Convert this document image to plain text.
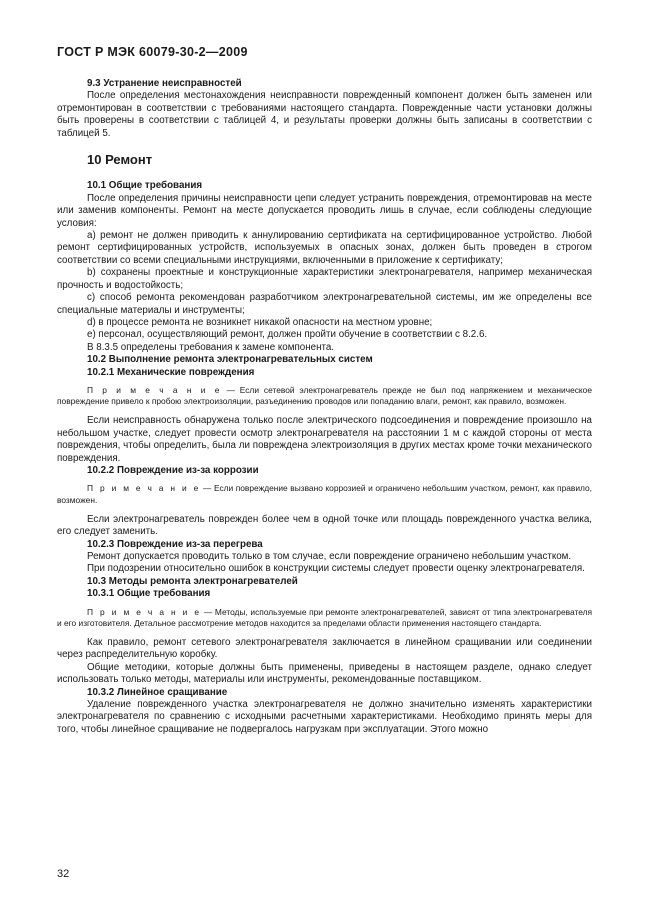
ГОСТ Р МЭК 60079-30-2—2009

9.3 Устранение неисправностей

После определения местонахождения неисправности поврежденный компонент должен быть заменен или отремонтирован в соответствии с требованиями настоящего стандарта. Поврежденные части установки должны быть проверены в соответствии с таблицей 4, и результаты проверки должны быть записаны в соответствии с таблицей 5.

10 Ремонт

10.1 Общие требования

После определения причины неисправности цепи следует устранить повреждения, отремонтировав на месте или заменив компоненты. Ремонт на месте допускается проводить лишь в случае, если соблюдены следующие условия:

a) ремонт не должен приводить к аннулированию сертификата на сертифицированное устройство. Любой ремонт сертифицированных устройств, используемых в опасных зонах, должен быть проведен в строгом соответствии со всеми специальными инструкциями, включенными в приложение к сертификату;

b) сохранены проектные и конструкционные характеристики электронагревателя, например механическая прочность и водостойкость;

c) способ ремонта рекомендован разработчиком электронагревательной системы, им же определены все специальные материалы и инструменты;

d) в процессе ремонта не возникнет никакой опасности на местном уровне;

e) персонал, осуществляющий ремонт, должен пройти обучение в соответствии с 8.2.6.

В 8.3.5 определены требования к замене компонента.

10.2 Выполнение ремонта электронагревательных систем

10.2.1 Механические повреждения

П р и м е ч а н и е — Если сетевой электронагреватель прежде не был под напряжением и механическое повреждение привело к пробою электроизоляции, разъединению проводов или попаданию влаги, ремонт, как правило, возможен.

Если неисправность обнаружена только после электрического подсоединения и повреждение произошло на небольшом участке, следует провести осмотр электронагревателя на расстоянии 1 м с каждой стороны от места повреждения, чтобы определить, была ли повреждена электроизоляция в других местах кроме точки механического повреждения.

10.2.2 Повреждение из-за коррозии

П р и м е ч а н и е — Если повреждение вызвано коррозией и ограничено небольшим участком, ремонт, как правило, возможен.

Если электронагреватель поврежден более чем в одной точке или площадь поврежденного участка велика, его следует заменить.

10.2.3 Повреждение из-за перегрева

Ремонт допускается проводить только в том случае, если повреждение ограничено небольшим участком.

При подозрении относительно ошибок в конструкции системы следует провести оценку электронагревателя.

10.3 Методы ремонта электронагревателей

10.3.1 Общие требования

П р и м е ч а н и е — Методы, используемые при ремонте электронагревателей, зависят от типа электронагревателя и его изготовителя. Детальное рассмотрение методов находится за пределами области применения настоящего стандарта.

Как правило, ремонт сетевого электронагревателя заключается в линейном сращивании или соединении через распределительную коробку.

Общие методики, которые должны быть применены, приведены в настоящем разделе, однако следует использовать только методы, материалы или инструменты, рекомендованные поставщиком.

10.3.2 Линейное сращивание

Удаление поврежденного участка электронагревателя не должно значительно изменять характеристики электронагревателя по сравнению с исходными расчетными характеристиками. Необходимо принять меры для того, чтобы линейное сращивание не подвергалось нагрузкам при эксплуатации. Этого можно

32
